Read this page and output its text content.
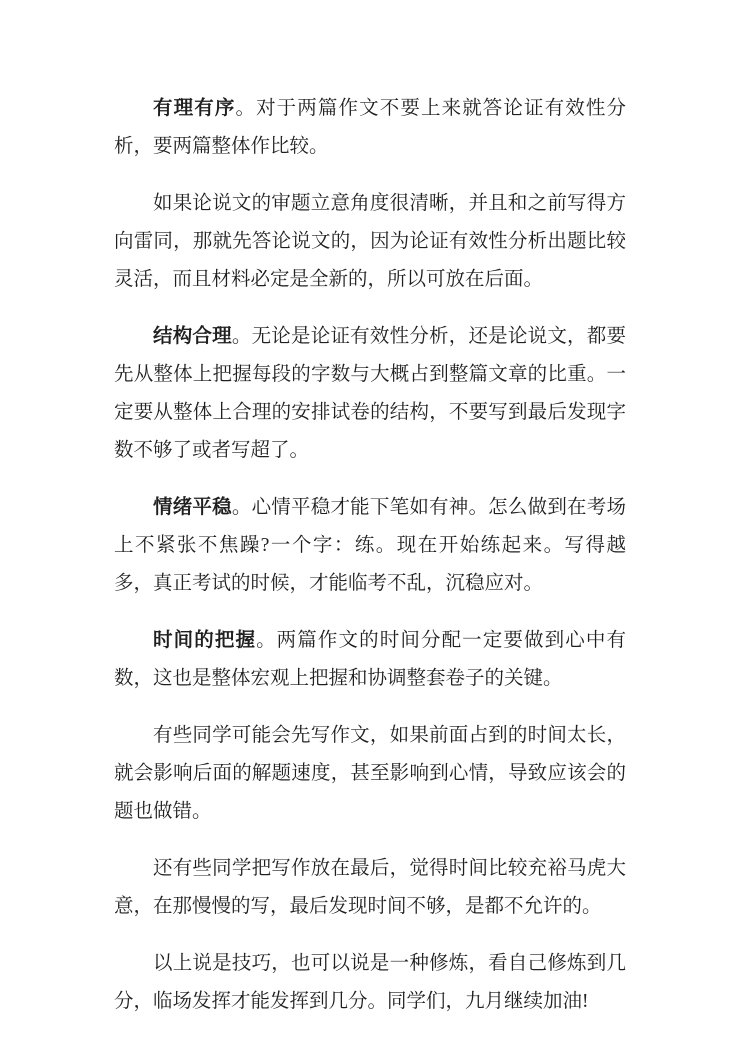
有理有序。对于两篇作文不要上来就答论证有效性分析，要两篇整体作比较。

如果论说文的审题立意角度很清晰，并且和之前写得方向雷同，那就先答论说文的，因为论证有效性分析出题比较灵活，而且材料必定是全新的，所以可放在后面。

结构合理。无论是论证有效性分析，还是论说文，都要先从整体上把握每段的字数与大概占到整篇文章的比重。一定要从整体上合理的安排试卷的结构，不要写到最后发现字数不够了或者写超了。

情绪平稳。心情平稳才能下笔如有神。怎么做到在考场上不紧张不焦躁?一个字：练。现在开始练起来。写得越多，真正考试的时候，才能临考不乱，沉稳应对。

时间的把握。两篇作文的时间分配一定要做到心中有数，这也是整体宏观上把握和协调整套卷子的关键。

有些同学可能会先写作文，如果前面占到的时间太长，就会影响后面的解题速度，甚至影响到心情，导致应该会的题也做错。

还有些同学把写作放在最后，觉得时间比较充裕马虎大意，在那慢慢的写，最后发现时间不够，是都不允许的。

以上说是技巧，也可以说是一种修炼，看自己修炼到几分，临场发挥才能发挥到几分。同学们，九月继续加油!
